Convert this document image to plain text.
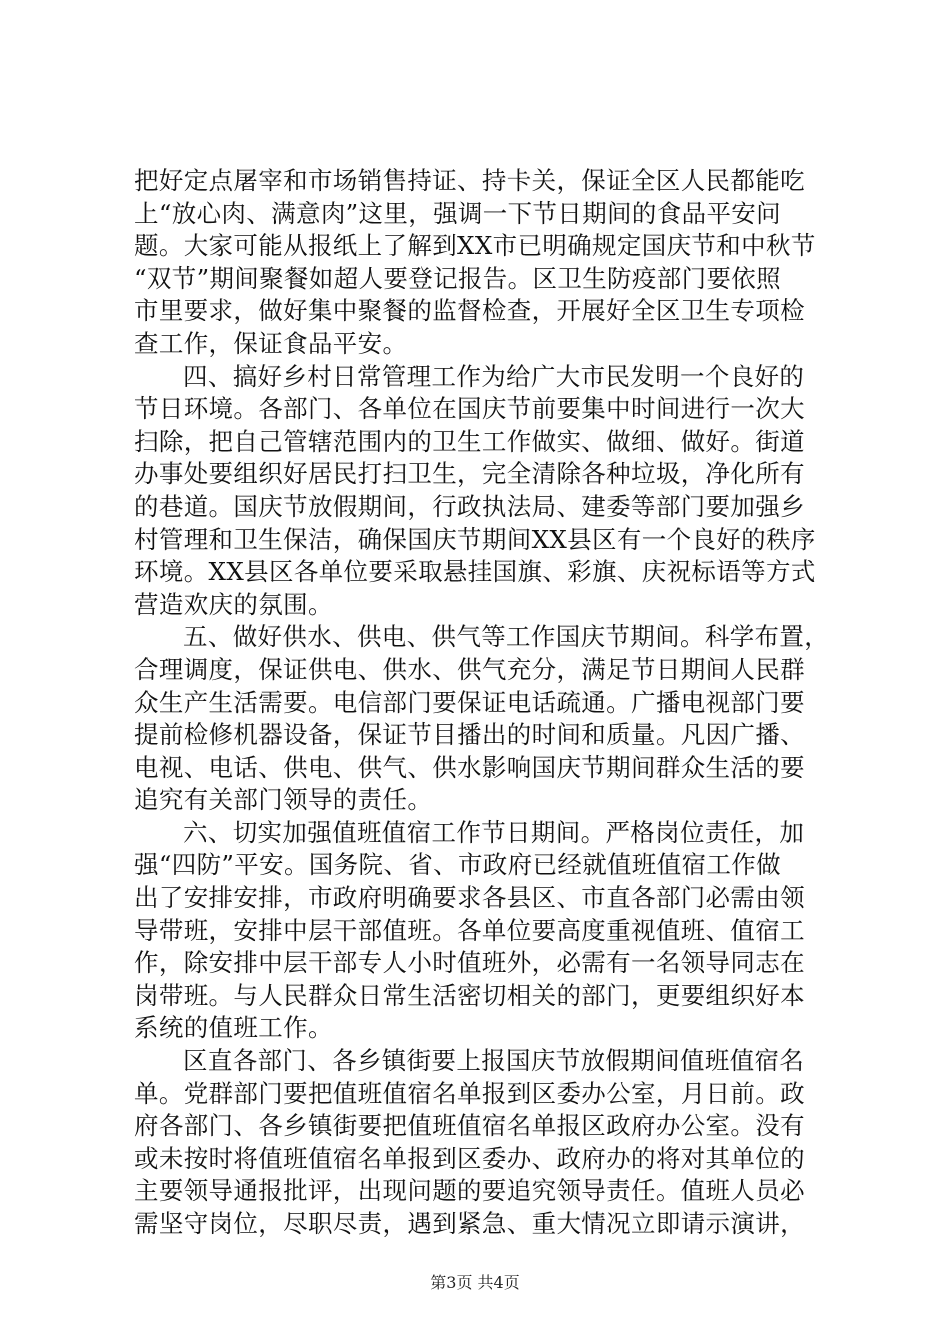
把好定点屠宰和市场销售持证、持卡关，保证全区人民都能吃
上“放心肉、满意肉”这里，强调一下节日期间的食品平安问
题。大家可能从报纸上了解到XX市已明确规定国庆节和中秋节
“双节”期间聚餐如超人要登记报告。区卫生防疫部门要依照
市里要求，做好集中聚餐的监督检查，开展好全区卫生专项检
查工作，保证食品平安。
四、搞好乡村日常管理工作为给广大市民发明一个良好的
节日环境。各部门、各单位在国庆节前要集中时间进行一次大
扫除，把自己管辖范围内的卫生工作做实、做细、做好。街道
办事处要组织好居民打扫卫生，完全清除各种垃圾，净化所有
的巷道。国庆节放假期间，行政执法局、建委等部门要加强乡
村管理和卫生保洁，确保国庆节期间XX县区有一个良好的秩序
环境。XX县区各单位要采取悬挂国旗、彩旗、庆祝标语等方式
营造欢庆的氛围。
五、做好供水、供电、供气等工作国庆节期间。科学布置，
合理调度，保证供电、供水、供气充分，满足节日期间人民群
众生产生活需要。电信部门要保证电话疏通。广播电视部门要
提前检修机器设备，保证节目播出的时间和质量。凡因广播、
电视、电话、供电、供气、供水影响国庆节期间群众生活的要
追究有关部门领导的责任。
六、切实加强值班值宿工作节日期间。严格岗位责任，加
强“四防”平安。国务院、省、市政府已经就值班值宿工作做
出了安排安排，市政府明确要求各县区、市直各部门必需由领
导带班，安排中层干部值班。各单位要高度重视值班、值宿工
作，除安排中层干部专人小时值班外，必需有一名领导同志在
岗带班。与人民群众日常生活密切相关的部门，更要组织好本
系统的值班工作。
区直各部门、各乡镇街要上报国庆节放假期间值班值宿名
单。党群部门要把值班值宿名单报到区委办公室，月日前。政
府各部门、各乡镇街要把值班值宿名单报区政府办公室。没有
或未按时将值班值宿名单报到区委办、政府办的将对其单位的
主要领导通报批评，出现问题的要追究领导责任。值班人员必
需坚守岗位，尽职尽责，遇到紧急、重大情况立即请示演讲，
第3页 共4页
